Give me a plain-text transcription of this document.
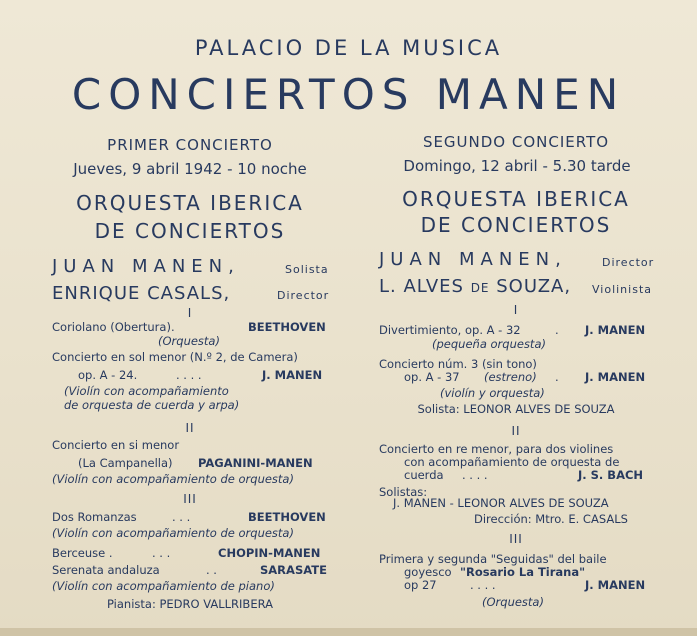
PALACIO DE LA MUSICA
CONCIERTOS MANEN
PRIMER CONCIERTO
Jueves, 9 abril 1942 - 10 noche
ORQUESTA IBERICA
DE CONCIERTOS
JUAN MANEN,	Solista
ENRIQUE CASALS,	Director
I
Coriolano (Obertura).	BEETHOVEN
(Orquesta)
Concierto en sol menor (N.º 2, de Camera)
op. A - 24.	. . . .	J. MANEN
(Violín con acompañamiento
de orquesta de cuerda y arpa)
II
Concierto en si menor
(La Campanella) PAGANINI-MANEN
(Violín con acompañamiento de orquesta)
III
Dos Romanzas	. . .	BEETHOVEN
(Violín con acompañamiento de orquesta)
Berceuse .	. . .	CHOPIN-MANEN
Serenata andaluza	. .	SARASATE
(Violín con acompañamiento de piano)
Pianista: PEDRO VALLRIBERA
SEGUNDO CONCIERTO
Domingo, 12 abril - 5.30 tarde
ORQUESTA IBERICA
DE CONCIERTOS
JUAN MANEN,	Director
L. ALVES DE SOUZA, Violinista
I
Divertimiento, op. A - 32	. J. MANEN
(pequeña orquesta)
Concierto núm. 3 (sin tono)
op. A - 37 (estreno) . J. MANEN
(violín y orquesta)
Solista: LEONOR ALVES DE SOUZA
II
Concierto en re menor, para dos violines
con acompañamiento de orquesta de
cuerda . . . .	J. S. BACH
Solistas:
J. MANEN - LEONOR ALVES DE SOUZA
Dirección: Mtro. E. CASALS
III
Primera y segunda "Seguidas" del baile
goyesco "Rosario La Tirana"
op 27	. . . .	J. MANEN
(Orquesta)
